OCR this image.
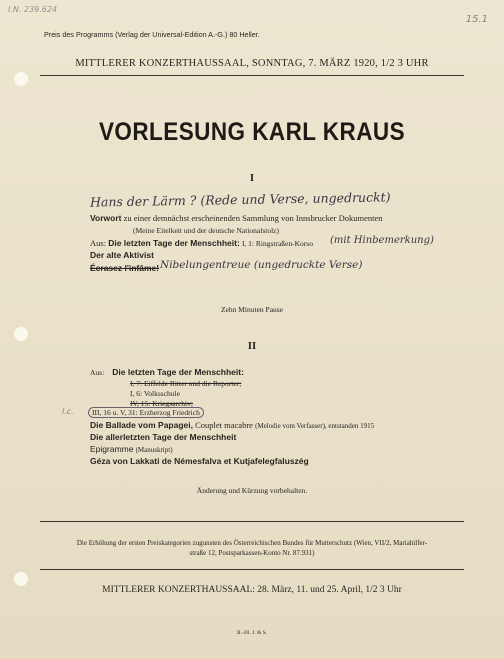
I.N. 239.624
15.1
Preis des Programms (Verlag der Universal-Edition A.-G.) 80 Heller.
MITTLERER KONZERTHAUSSAAL, SONNTAG, 7. MÄRZ 1920, 1/2 3 UHR
VORLESUNG KARL KRAUS
I
Hans der Lärm ? (Rede und Verse, ungedruckt)
Vorwort zu einer demnächst erscheinenden Sammlung von Innsbrucker Dokumenten
(Meine Eitelkeit und der deutsche Nationalstolz)
Aus: Die letzten Tage der Menschheit: I, 1: Ringstraßen-Korso (mit Hinbemerkung)
Der alte Aktivist
Écrasez l'infâme! Nibelungentreue (ungedruckte Verse)
Zehn Minuten Pause
II
Aus: Die letzten Tage der Menschheit:
I, 7: Eiffelde Ritter und die Reporter;
I, 6: Volksschule
IV, 15: Kriegsarchiv;
III, 16 u. V, 31: Erzherzog Friedrich
l.c.
Die Ballade vom Papagei, Couplet macabre (Melodie vom Verfasser), entstanden 1915
Die allerletzten Tage der Menschheit
Epigramme (Manuskript)
Géza von Lakkati de Némesfalva et Kutjafelegfaluszég
Änderung und Kürzung vorbehalten.
Die Erhöhung der ersten Preiskategorien zugunsten des Österreichischen Bundes für Mutterschutz (Wien, VII/2, Mariahilfer-
straße 12, Postsparkassen-Konto Nr. 87.931)
MITTLERER KONZERTHAUSSAAL: 28. März, 11. und 25. April, 1/2 3 Uhr
II.-20. J. & S.
